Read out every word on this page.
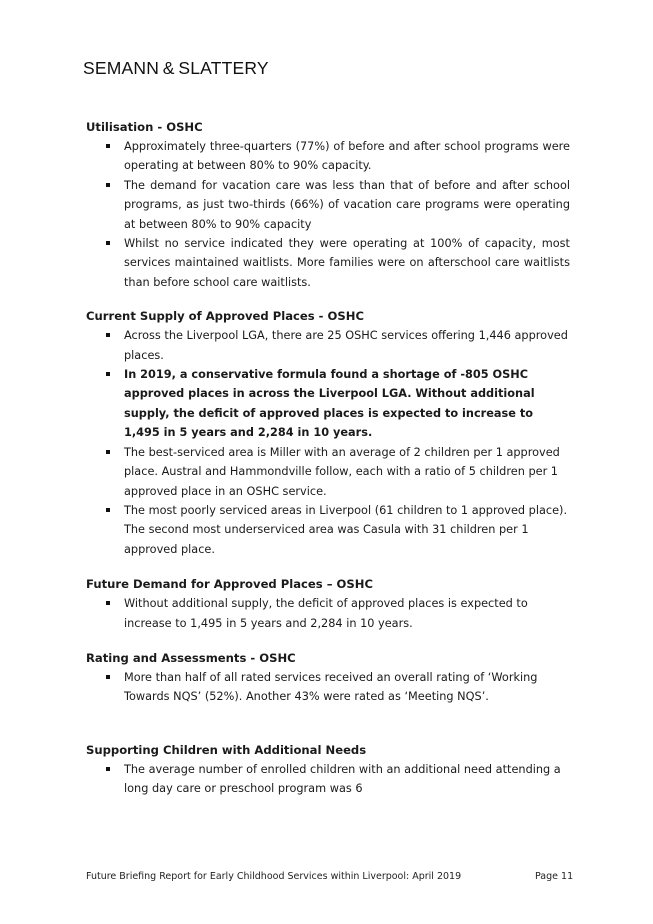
SEMANN & SLATTERY

Utilisation - OSHC

Approximately three-quarters (77%) of before and after school programs were operating at between 80% to 90% capacity.
The demand for vacation care was less than that of before and after school programs, as just two-thirds (66%) of vacation care programs were operating at between 80% to 90% capacity
Whilst no service indicated they were operating at 100% of capacity, most services maintained waitlists. More families were on afterschool care waitlists than before school care waitlists.

Current Supply of Approved Places - OSHC

Across the Liverpool LGA, there are 25 OSHC services offering 1,446 approved places.
In 2019, a conservative formula found a shortage of -805 OSHC approved places in across the Liverpool LGA. Without additional supply, the deficit of approved places is expected to increase to 1,495 in 5 years and 2,284 in 10 years.
The best-serviced area is Miller with an average of 2 children per 1 approved place. Austral and Hammondville follow, each with a ratio of 5 children per 1 approved place in an OSHC service.
The most poorly serviced areas in Liverpool (61 children to 1 approved place). The second most underserviced area was Casula with 31 children per 1 approved place.

Future Demand for Approved Places – OSHC

Without additional supply, the deficit of approved places is expected to increase to 1,495 in 5 years and 2,284 in 10 years.

Rating and Assessments - OSHC

More than half of all rated services received an overall rating of ‘Working Towards NQS’ (52%). Another 43% were rated as ‘Meeting NQS’.

Supporting Children with Additional Needs

The average number of enrolled children with an additional need attending a long day care or preschool program was 6
Future Briefing Report for Early Childhood Services within Liverpool: April 2019	Page 11
